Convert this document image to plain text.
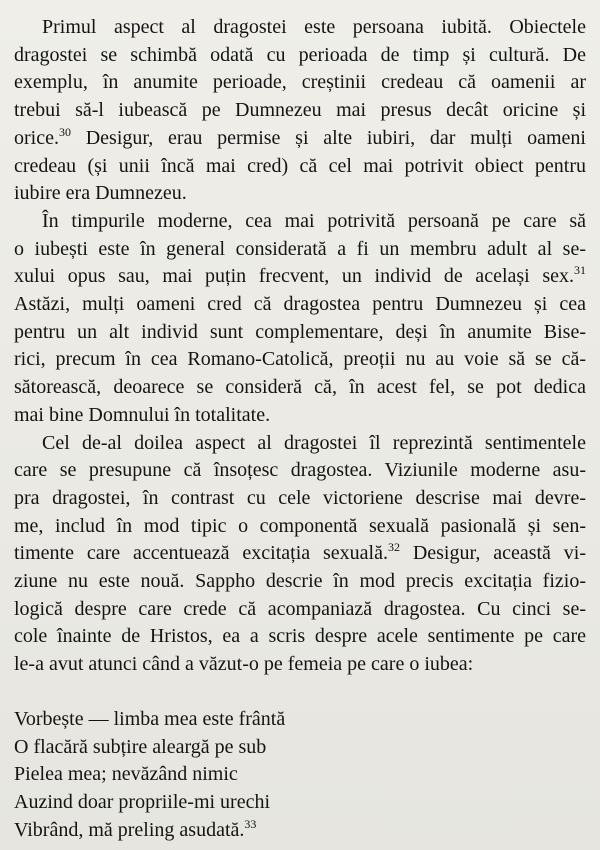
Primul aspect al dragostei este persoana iubită. Obiectele
dragostei se schimbă odată cu perioada de timp și cultură. De
exemplu, în anumite perioade, creștinii credeau că oamenii ar
trebui să-l iubească pe Dumnezeu mai presus decât oricine și
orice.$^{30}$ Desigur, erau permise și alte iubiri, dar mulți oameni
credeau (și unii încă mai cred) că cel mai potrivit obiect pentru
iubire era Dumnezeu.

În timpurile moderne, cea mai potrivită persoană pe care să
o iubești este în general considerată a fi un membru adult al se-
xului opus sau, mai puțin frecvent, un individ de același sex.$^{31}$
Astăzi, mulți oameni cred că dragostea pentru Dumnezeu și cea
pentru un alt individ sunt complementare, deși în anumite Bise-
rici, precum în cea Romano-Catolică, preoții nu au voie să se că-
sătorească, deoarece se consideră că, în acest fel, se pot dedica
mai bine Domnului în totalitate.

Cel de-al doilea aspect al dragostei îl reprezintă sentimentele
care se presupune că însoțesc dragostea. Viziunile moderne asu-
pra dragostei, în contrast cu cele victoriene descrise mai devre-
me, includ în mod tipic o componentă sexuală pasională și sen-
timente care accentuează excitația sexuală.$^{32}$ Desigur, această vi-
ziune nu este nouă. Sappho descrie în mod precis excitația fizio-
logică despre care crede că acompaniază dragostea. Cu cinci se-
cole înainte de Hristos, ea a scris despre acele sentimente pe care
le-a avut atunci când a văzut-o pe femeia pe care o iubea:

Vorbește — limba mea este frântă
O flacără subțire aleargă pe sub
Pielea mea; nevăzând nimic
Auzind doar propriile-mi urechi
Vibrând, mă preling asudată.$^{33}$
